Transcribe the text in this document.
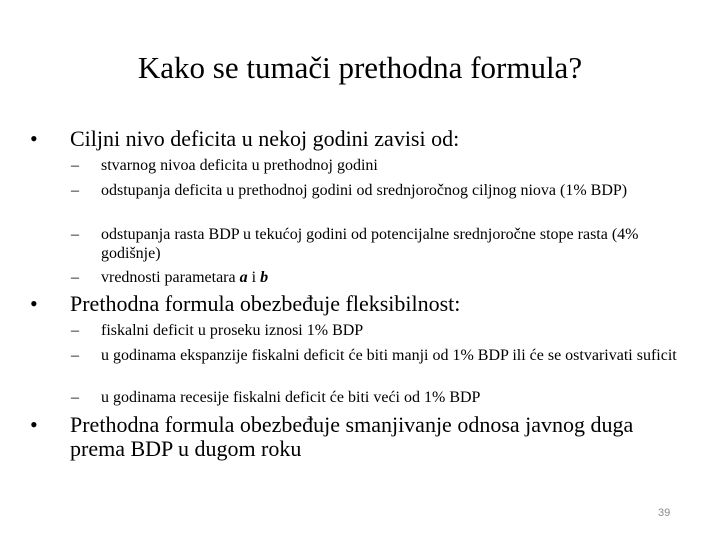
Kako se tumači prethodna formula?
• Ciljni nivo deficita u nekoj godini zavisi od:
– stvarnog nivoa deficita u prethodnoj godini
– odstupanja deficita u prethodnoj godini od srednjoročnog ciljnog niova (1% BDP)
– odstupanja rasta BDP u tekućoj godini od potencijalne srednjoročne stope rasta (4% godišnje)
– vrednosti parametara a i b
• Prethodna formula obezbeđuje fleksibilnost:
– fiskalni deficit u proseku iznosi 1% BDP
– u godinama ekspanzije fiskalni deficit će biti manji od 1% BDP ili će se ostvarivati suficit
– u godinama recesije fiskalni deficit će biti veći od 1% BDP
• Prethodna formula obezbeđuje smanjivanje odnosa javnog duga prema BDP u dugom roku
39
